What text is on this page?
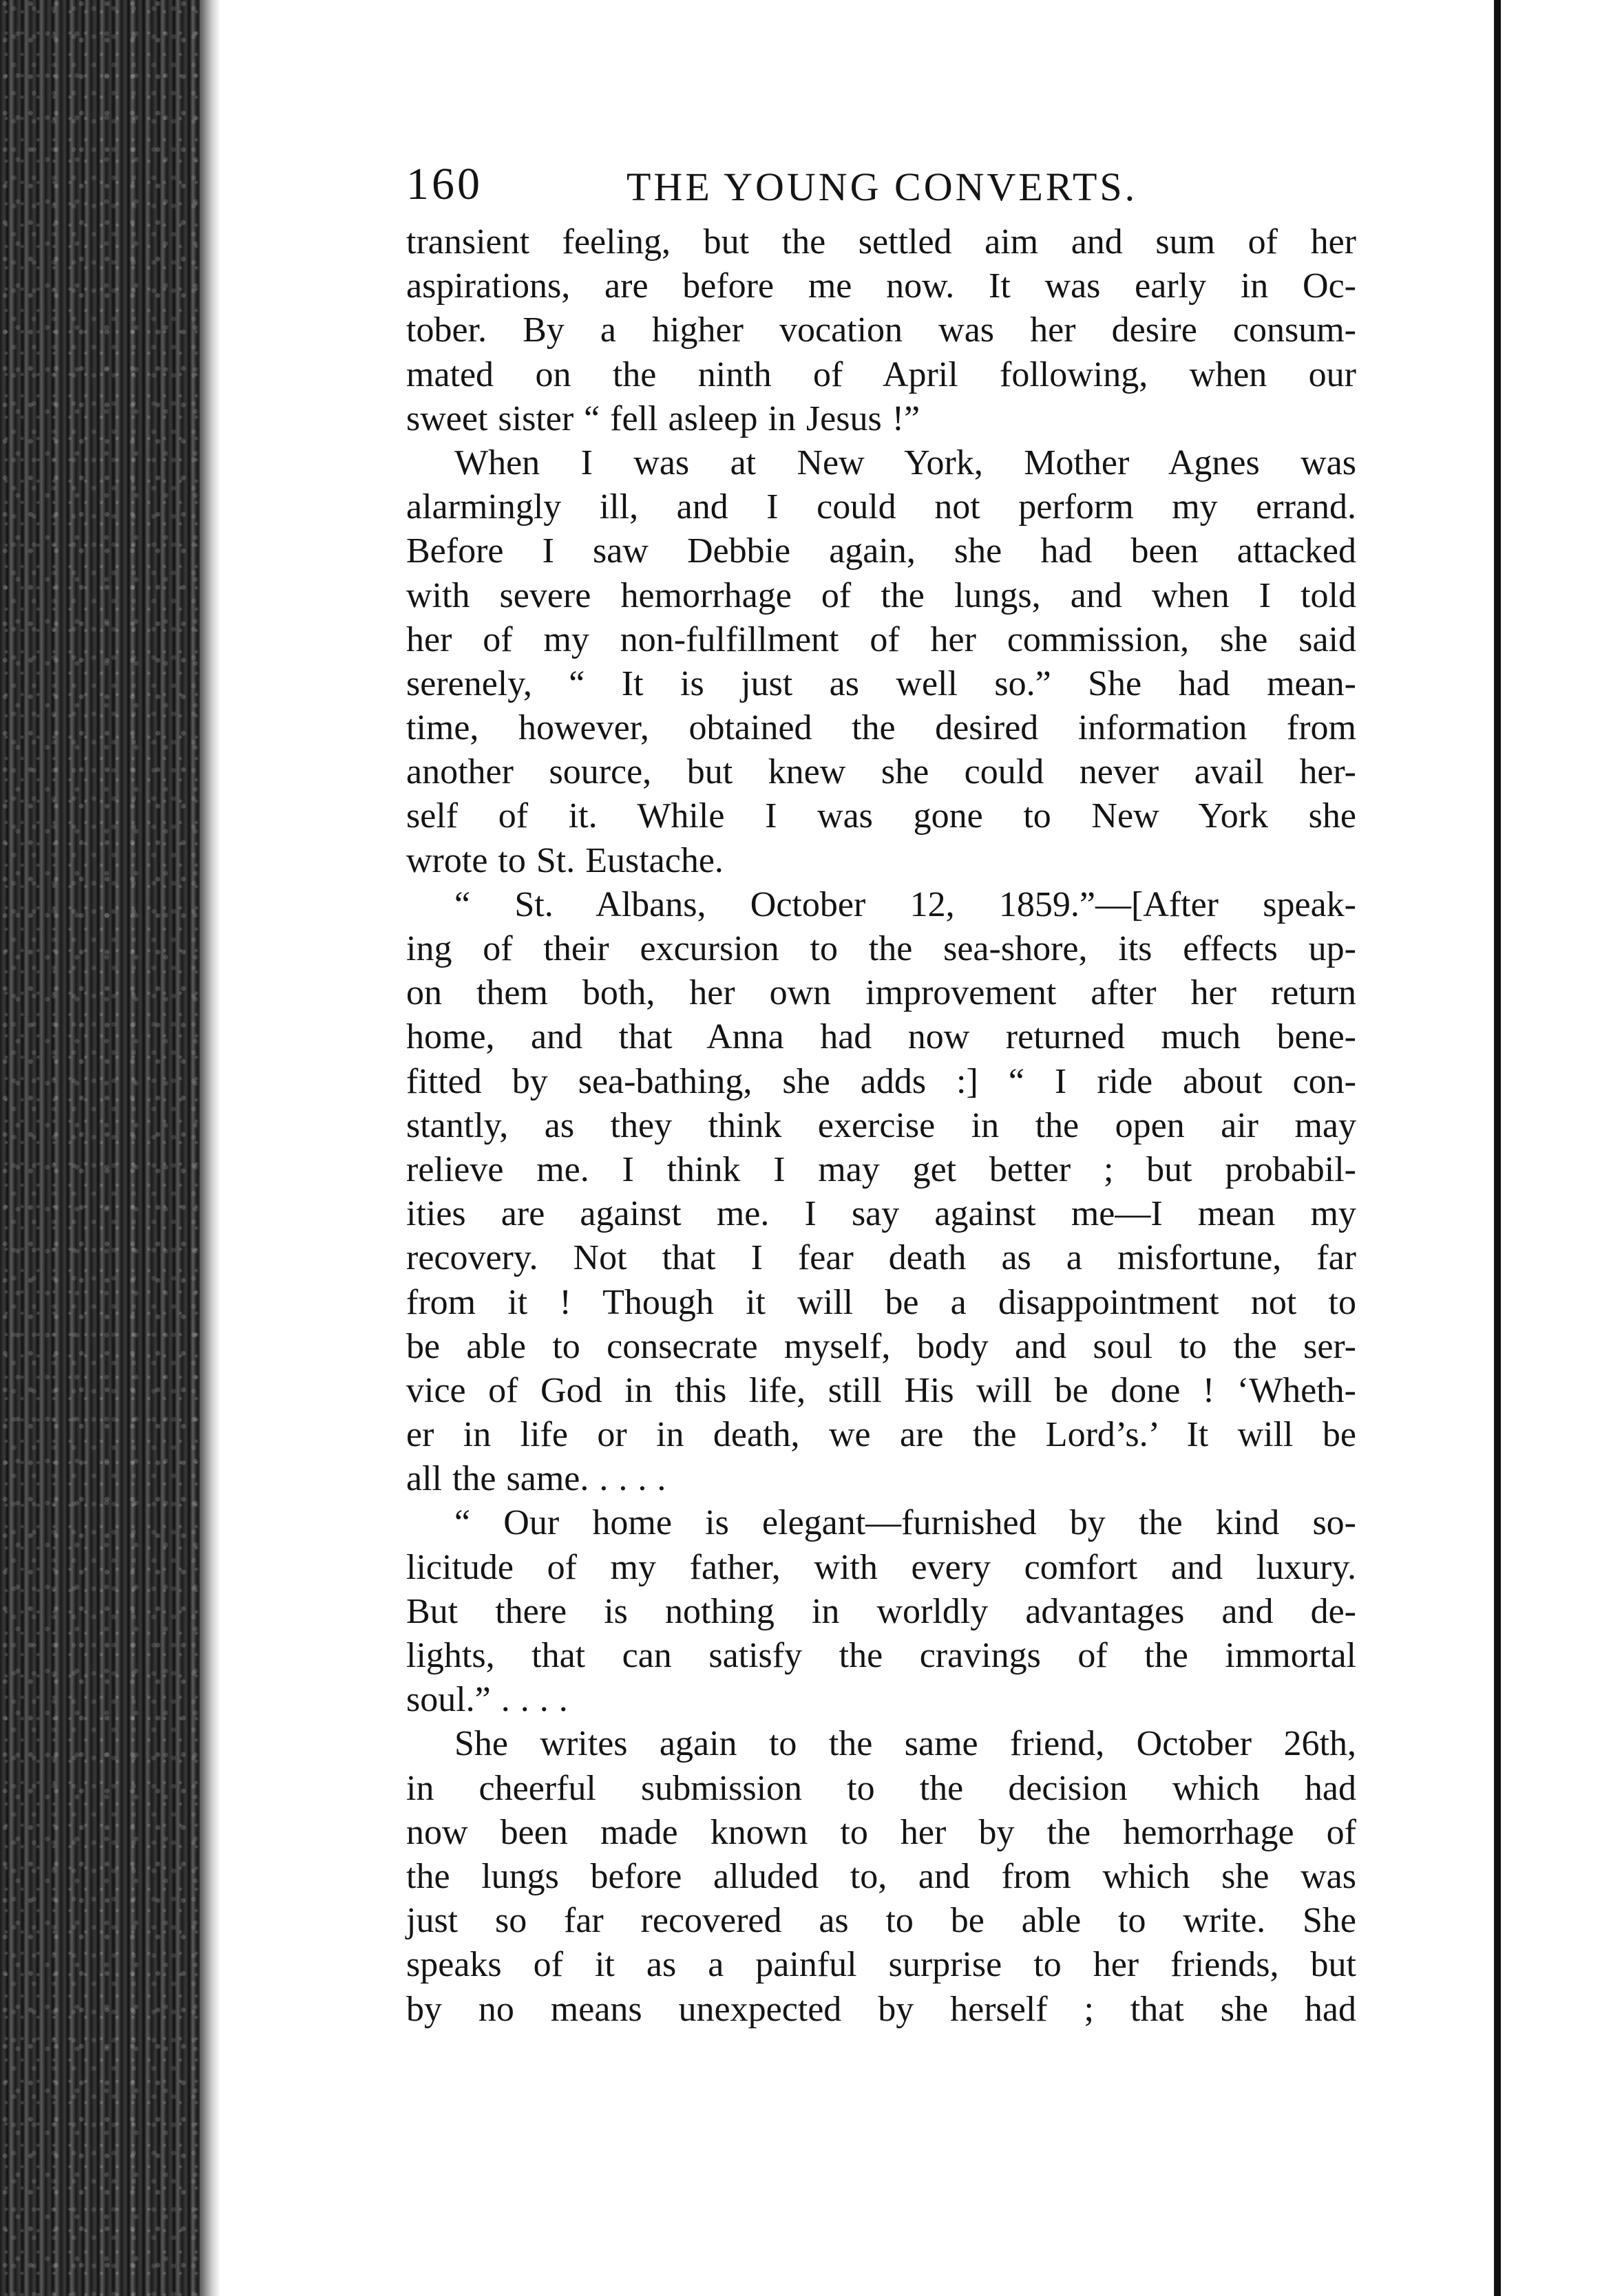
160	THE YOUNG CONVERTS.
transient feeling, but the settled aim and sum of her
aspirations, are before me now. It was early in Oc-
tober. By a higher vocation was her desire consum-
mated on the ninth of April following, when our
sweet sister “ fell asleep in Jesus !”
When I was at New York, Mother Agnes was
alarmingly ill, and I could not perform my errand.
Before I saw Debbie again, she had been attacked
with severe hemorrhage of the lungs, and when I told
her of my non-fulfillment of her commission, she said
serenely, “ It is just as well so.” She had mean-
time, however, obtained the desired information from
another source, but knew she could never avail her-
self of it. While I was gone to New York she
wrote to St. Eustache.
“ St. Albans, October 12, 1859.”—[After speak-
ing of their excursion to the sea-shore, its effects up-
on them both, her own improvement after her return
home, and that Anna had now returned much bene-
fitted by sea-bathing, she adds :] “ I ride about con-
stantly, as they think exercise in the open air may
relieve me. I think I may get better ; but probabil-
ities are against me. I say against me—I mean my
recovery. Not that I fear death as a misfortune, far
from it ! Though it will be a disappointment not to
be able to consecrate myself, body and soul to the ser-
vice of God in this life, still His will be done ! ‘Wheth-
er in life or in death, we are the Lord’s.’ It will be
all the same. . . . .
“ Our home is elegant—furnished by the kind so-
licitude of my father, with every comfort and luxury.
But there is nothing in worldly advantages and de-
lights, that can satisfy the cravings of the immortal
soul.” . . . .
She writes again to the same friend, October 26th,
in cheerful submission to the decision which had
now been made known to her by the hemorrhage of
the lungs before alluded to, and from which she was
just so far recovered as to be able to write. She
speaks of it as a painful surprise to her friends, but
by no means unexpected by herself ; that she had
